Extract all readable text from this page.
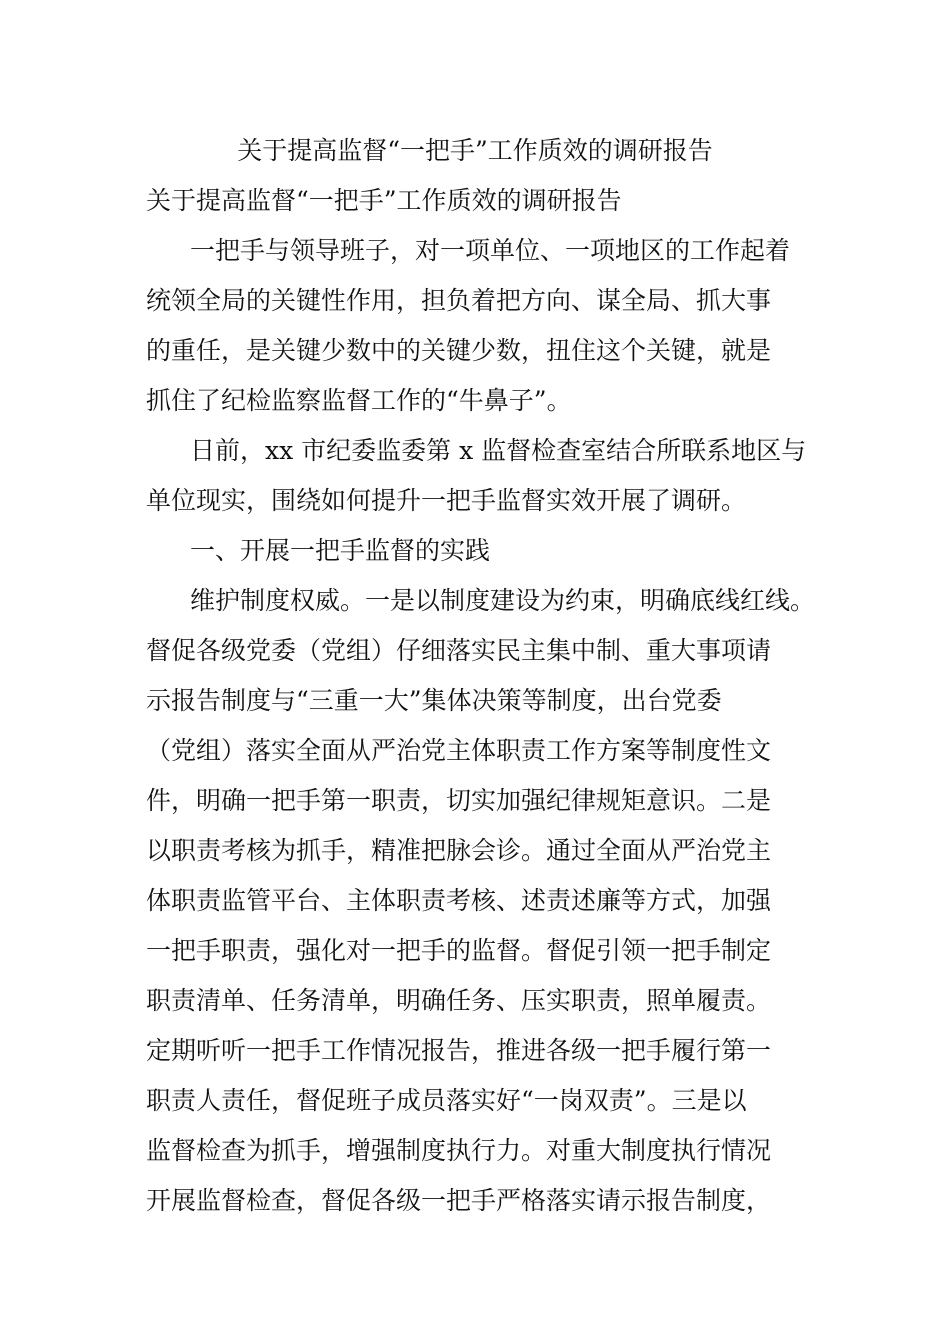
关于提高监督“一把手”工作质效的调研报告
关于提高监督“一把手”工作质效的调研报告
一把手与领导班子，对一项单位、一项地区的工作起着
统领全局的关键性作用，担负着把方向、谋全局、抓大事
的重任，是关键少数中的关键少数，扭住这个关键，就是
抓住了纪检监察监督工作的“牛鼻子”。
日前，xx 市纪委监委第 x 监督检查室结合所联系地区与
单位现实，围绕如何提升一把手监督实效开展了调研。
一、开展一把手监督的实践
维护制度权威。一是以制度建设为约束，明确底线红线。
督促各级党委（党组）仔细落实民主集中制、重大事项请
示报告制度与“三重一大”集体决策等制度，出台党委
（党组）落实全面从严治党主体职责工作方案等制度性文
件，明确一把手第一职责，切实加强纪律规矩意识。二是
以职责考核为抓手，精准把脉会诊。通过全面从严治党主
体职责监管平台、主体职责考核、述责述廉等方式，加强
一把手职责，强化对一把手的监督。督促引领一把手制定
职责清单、任务清单，明确任务、压实职责，照单履责。
定期听听一把手工作情况报告，推进各级一把手履行第一
职责人责任，督促班子成员落实好“一岗双责”。三是以
监督检查为抓手，增强制度执行力。对重大制度执行情况
开展监督检查，督促各级一把手严格落实请示报告制度，
